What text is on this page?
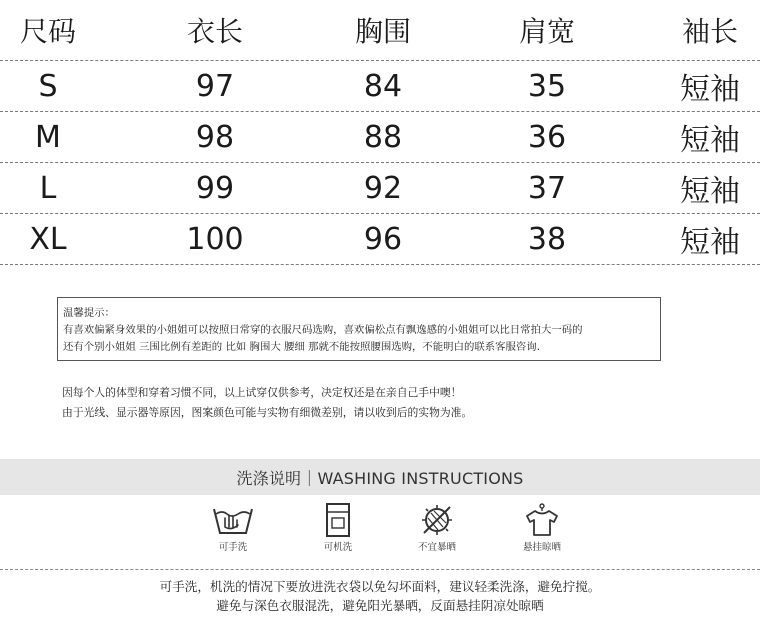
尺码	衣长	胸围	肩宽	袖长
S	97	84	35	短袖
M	98	88	36	短袖
L	99	92	37	短袖
XL	100	96	38	短袖
温馨提示：
有喜欢偏紧身效果的小姐姐可以按照日常穿的衣服尺码选购，喜欢偏松点有飘逸感的小姐姐可以比日常拍大一码的
还有个别小姐姐 三围比例有差距的 比如 胸围大 腰细 那就不能按照腰围选购，不能明白的联系客服咨询.
因每个人的体型和穿着习惯不同，以上试穿仅供参考，决定权还是在亲自己手中噢！
由于光线、显示器等原因，图案颜色可能与实物有细微差别，请以收到后的实物为准。
洗涤说明｜WASHING INSTRUCTIONS
可手洗	可机洗	不宜暴晒	悬挂晾晒
可手洗，机洗的情况下要放进洗衣袋以免勾坏面料，建议轻柔洗涤，避免拧搅。
避免与深色衣服混洗，避免阳光暴晒，反面悬挂阴凉处晾晒
